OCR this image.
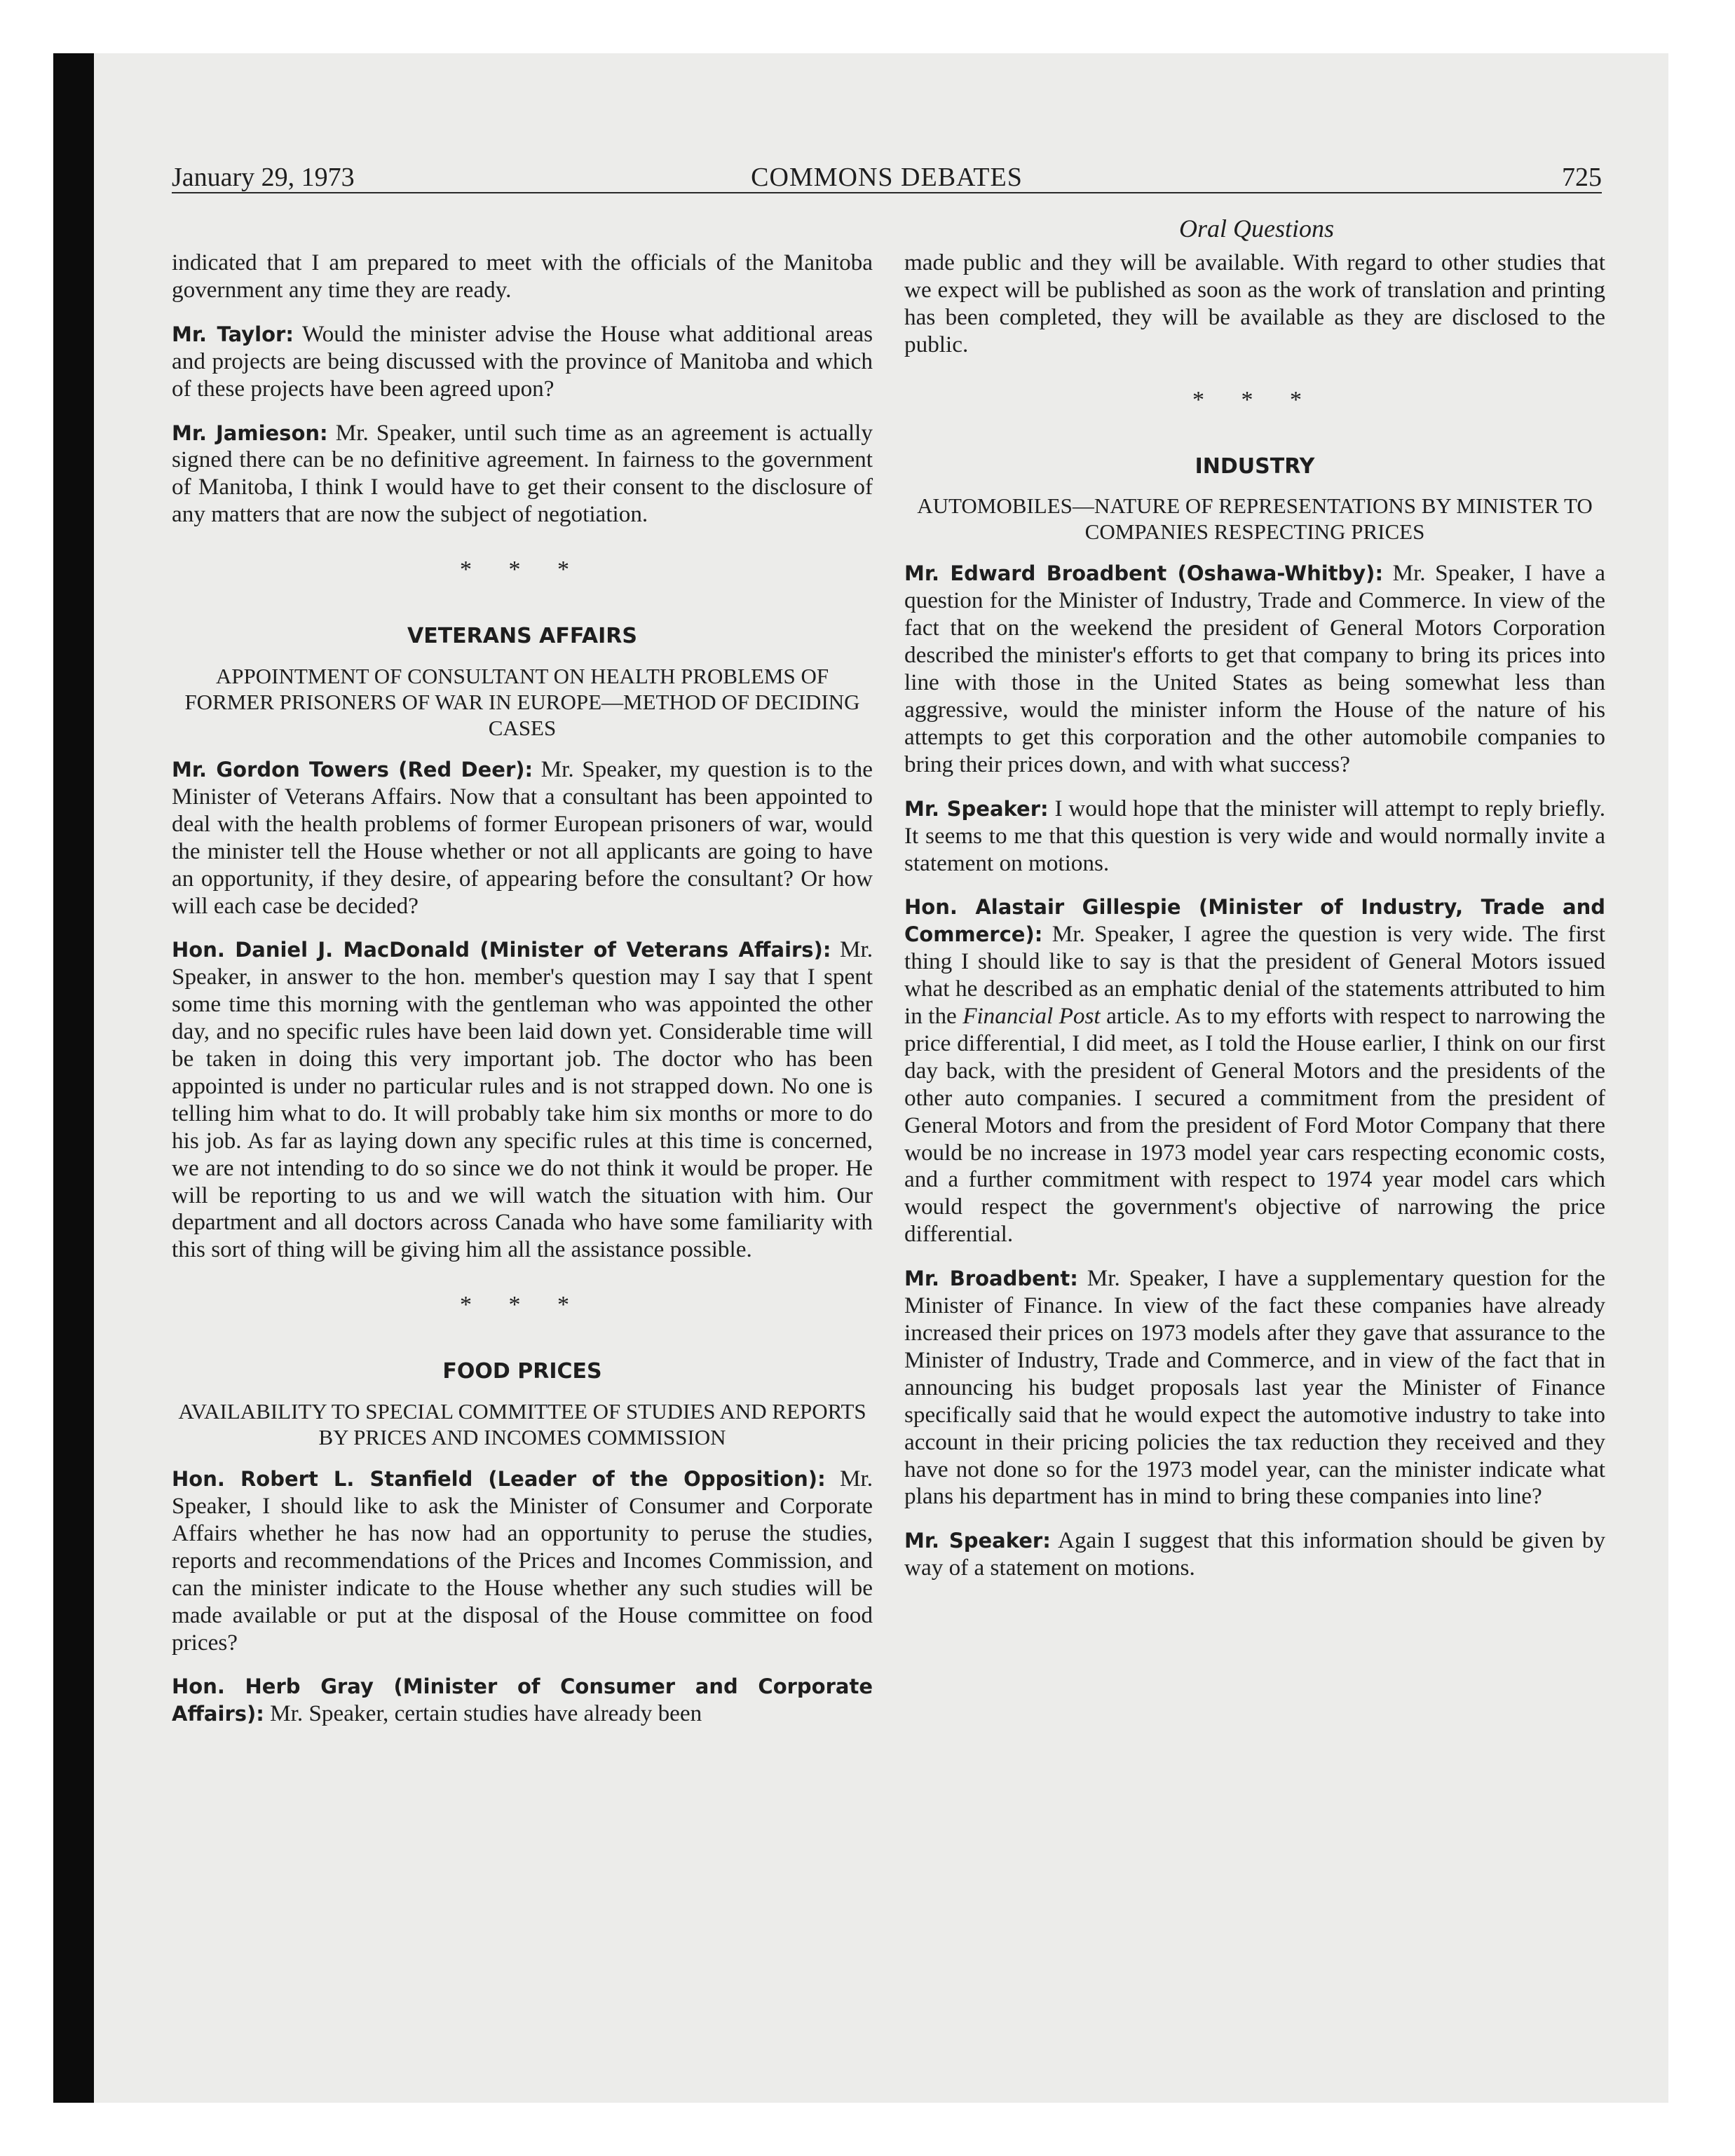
January 29, 1973	COMMONS DEBATES	725
Oral Questions

indicated that I am prepared to meet with the officials of the Manitoba government any time they are ready.

Mr. Taylor: Would the minister advise the House what additional areas and projects are being discussed with the province of Manitoba and which of these projects have been agreed upon?

Mr. Jamieson: Mr. Speaker, until such time as an agreement is actually signed there can be no definitive agreement. In fairness to the government of Manitoba, I think I would have to get their consent to the disclosure of any matters that are now the subject of negotiation.

* * *
VETERANS AFFAIRS
APPOINTMENT OF CONSULTANT ON HEALTH PROBLEMS OF FORMER PRISONERS OF WAR IN EUROPE—METHOD OF DECIDING CASES

Mr. Gordon Towers (Red Deer): Mr. Speaker, my question is to the Minister of Veterans Affairs. Now that a consultant has been appointed to deal with the health problems of former European prisoners of war, would the minister tell the House whether or not all applicants are going to have an opportunity, if they desire, of appearing before the consultant? Or how will each case be decided?

Hon. Daniel J. MacDonald (Minister of Veterans Affairs): Mr. Speaker, in answer to the hon. member's question may I say that I spent some time this morning with the gentleman who was appointed the other day, and no specific rules have been laid down yet. Considerable time will be taken in doing this very important job. The doctor who has been appointed is under no particular rules and is not strapped down. No one is telling him what to do. It will probably take him six months or more to do his job. As far as laying down any specific rules at this time is concerned, we are not intending to do so since we do not think it would be proper. He will be reporting to us and we will watch the situation with him. Our department and all doctors across Canada who have some familiarity with this sort of thing will be giving him all the assistance possible.

* * *
FOOD PRICES
AVAILABILITY TO SPECIAL COMMITTEE OF STUDIES AND REPORTS BY PRICES AND INCOMES COMMISSION

Hon. Robert L. Stanfield (Leader of the Opposition): Mr. Speaker, I should like to ask the Minister of Consumer and Corporate Affairs whether he has now had an opportunity to peruse the studies, reports and recommendations of the Prices and Incomes Commission, and can the minister indicate to the House whether any such studies will be made available or put at the disposal of the House committee on food prices?

Hon. Herb Gray (Minister of Consumer and Corporate Affairs): Mr. Speaker, certain studies have already been

made public and they will be available. With regard to other studies that we expect will be published as soon as the work of translation and printing has been completed, they will be available as they are disclosed to the public.

* * *
INDUSTRY
AUTOMOBILES—NATURE OF REPRESENTATIONS BY MINISTER TO COMPANIES RESPECTING PRICES

Mr. Edward Broadbent (Oshawa-Whitby): Mr. Speaker, I have a question for the Minister of Industry, Trade and Commerce. In view of the fact that on the weekend the president of General Motors Corporation described the minister's efforts to get that company to bring its prices into line with those in the United States as being somewhat less than aggressive, would the minister inform the House of the nature of his attempts to get this corporation and the other automobile companies to bring their prices down, and with what success?

Mr. Speaker: I would hope that the minister will attempt to reply briefly. It seems to me that this question is very wide and would normally invite a statement on motions.

Hon. Alastair Gillespie (Minister of Industry, Trade and Commerce): Mr. Speaker, I agree the question is very wide. The first thing I should like to say is that the president of General Motors issued what he described as an emphatic denial of the statements attributed to him in the Financial Post article. As to my efforts with respect to narrowing the price differential, I did meet, as I told the House earlier, I think on our first day back, with the president of General Motors and the presidents of the other auto companies. I secured a commitment from the president of General Motors and from the president of Ford Motor Company that there would be no increase in 1973 model year cars respecting economic costs, and a further commitment with respect to 1974 year model cars which would respect the government's objective of narrowing the price differential.

Mr. Broadbent: Mr. Speaker, I have a supplementary question for the Minister of Finance. In view of the fact these companies have already increased their prices on 1973 models after they gave that assurance to the Minister of Industry, Trade and Commerce, and in view of the fact that in announcing his budget proposals last year the Minister of Finance specifically said that he would expect the automotive industry to take into account in their pricing policies the tax reduction they received and they have not done so for the 1973 model year, can the minister indicate what plans his department has in mind to bring these companies into line?

Mr. Speaker: Again I suggest that this information should be given by way of a statement on motions.
